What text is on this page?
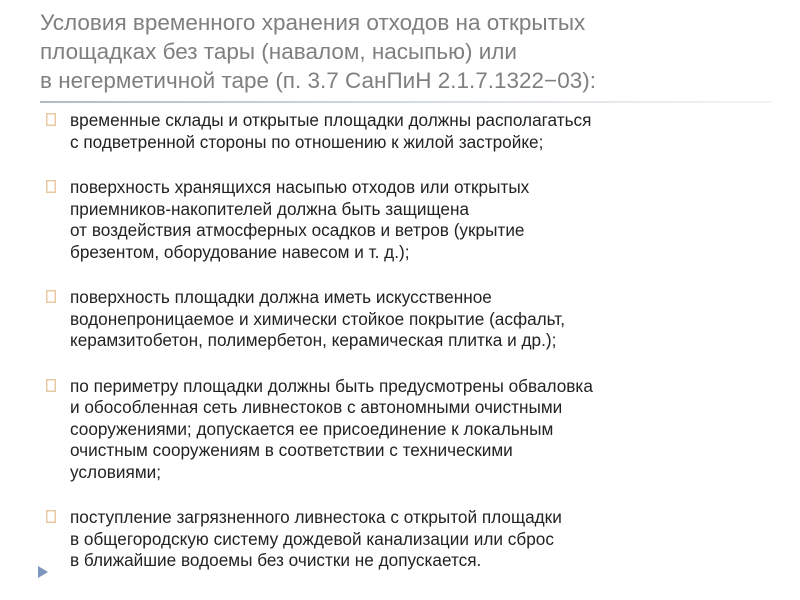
Условия временного хранения отходов на открытых
площадках без тары (навалом, насыпью) или
в негерметичной таре (п. 3.7 СанПиН 2.1.7.1322−03):
временные склады и открытые площадки должны располагаться
с подветренной стороны по отношению к жилой застройке;
поверхность хранящихся насыпью отходов или открытых
приемников-накопителей должна быть защищена
от воздействия атмосферных осадков и ветров (укрытие
брезентом, оборудование навесом и т. д.);
поверхность площадки должна иметь искусственное
водонепроницаемое и химически стойкое покрытие (асфальт,
керамзитобетон, полимербетон, керамическая плитка и др.);
по периметру площадки должны быть предусмотрены обваловка
и обособленная сеть ливнестоков с автономными очистными
сооружениями; допускается ее присоединение к локальным
очистным сооружениям в соответствии с техническими
условиями;
поступление загрязненного ливнестока с открытой площадки
в общегородскую систему дождевой канализации или сброс
в ближайшие водоемы без очистки не допускается.
